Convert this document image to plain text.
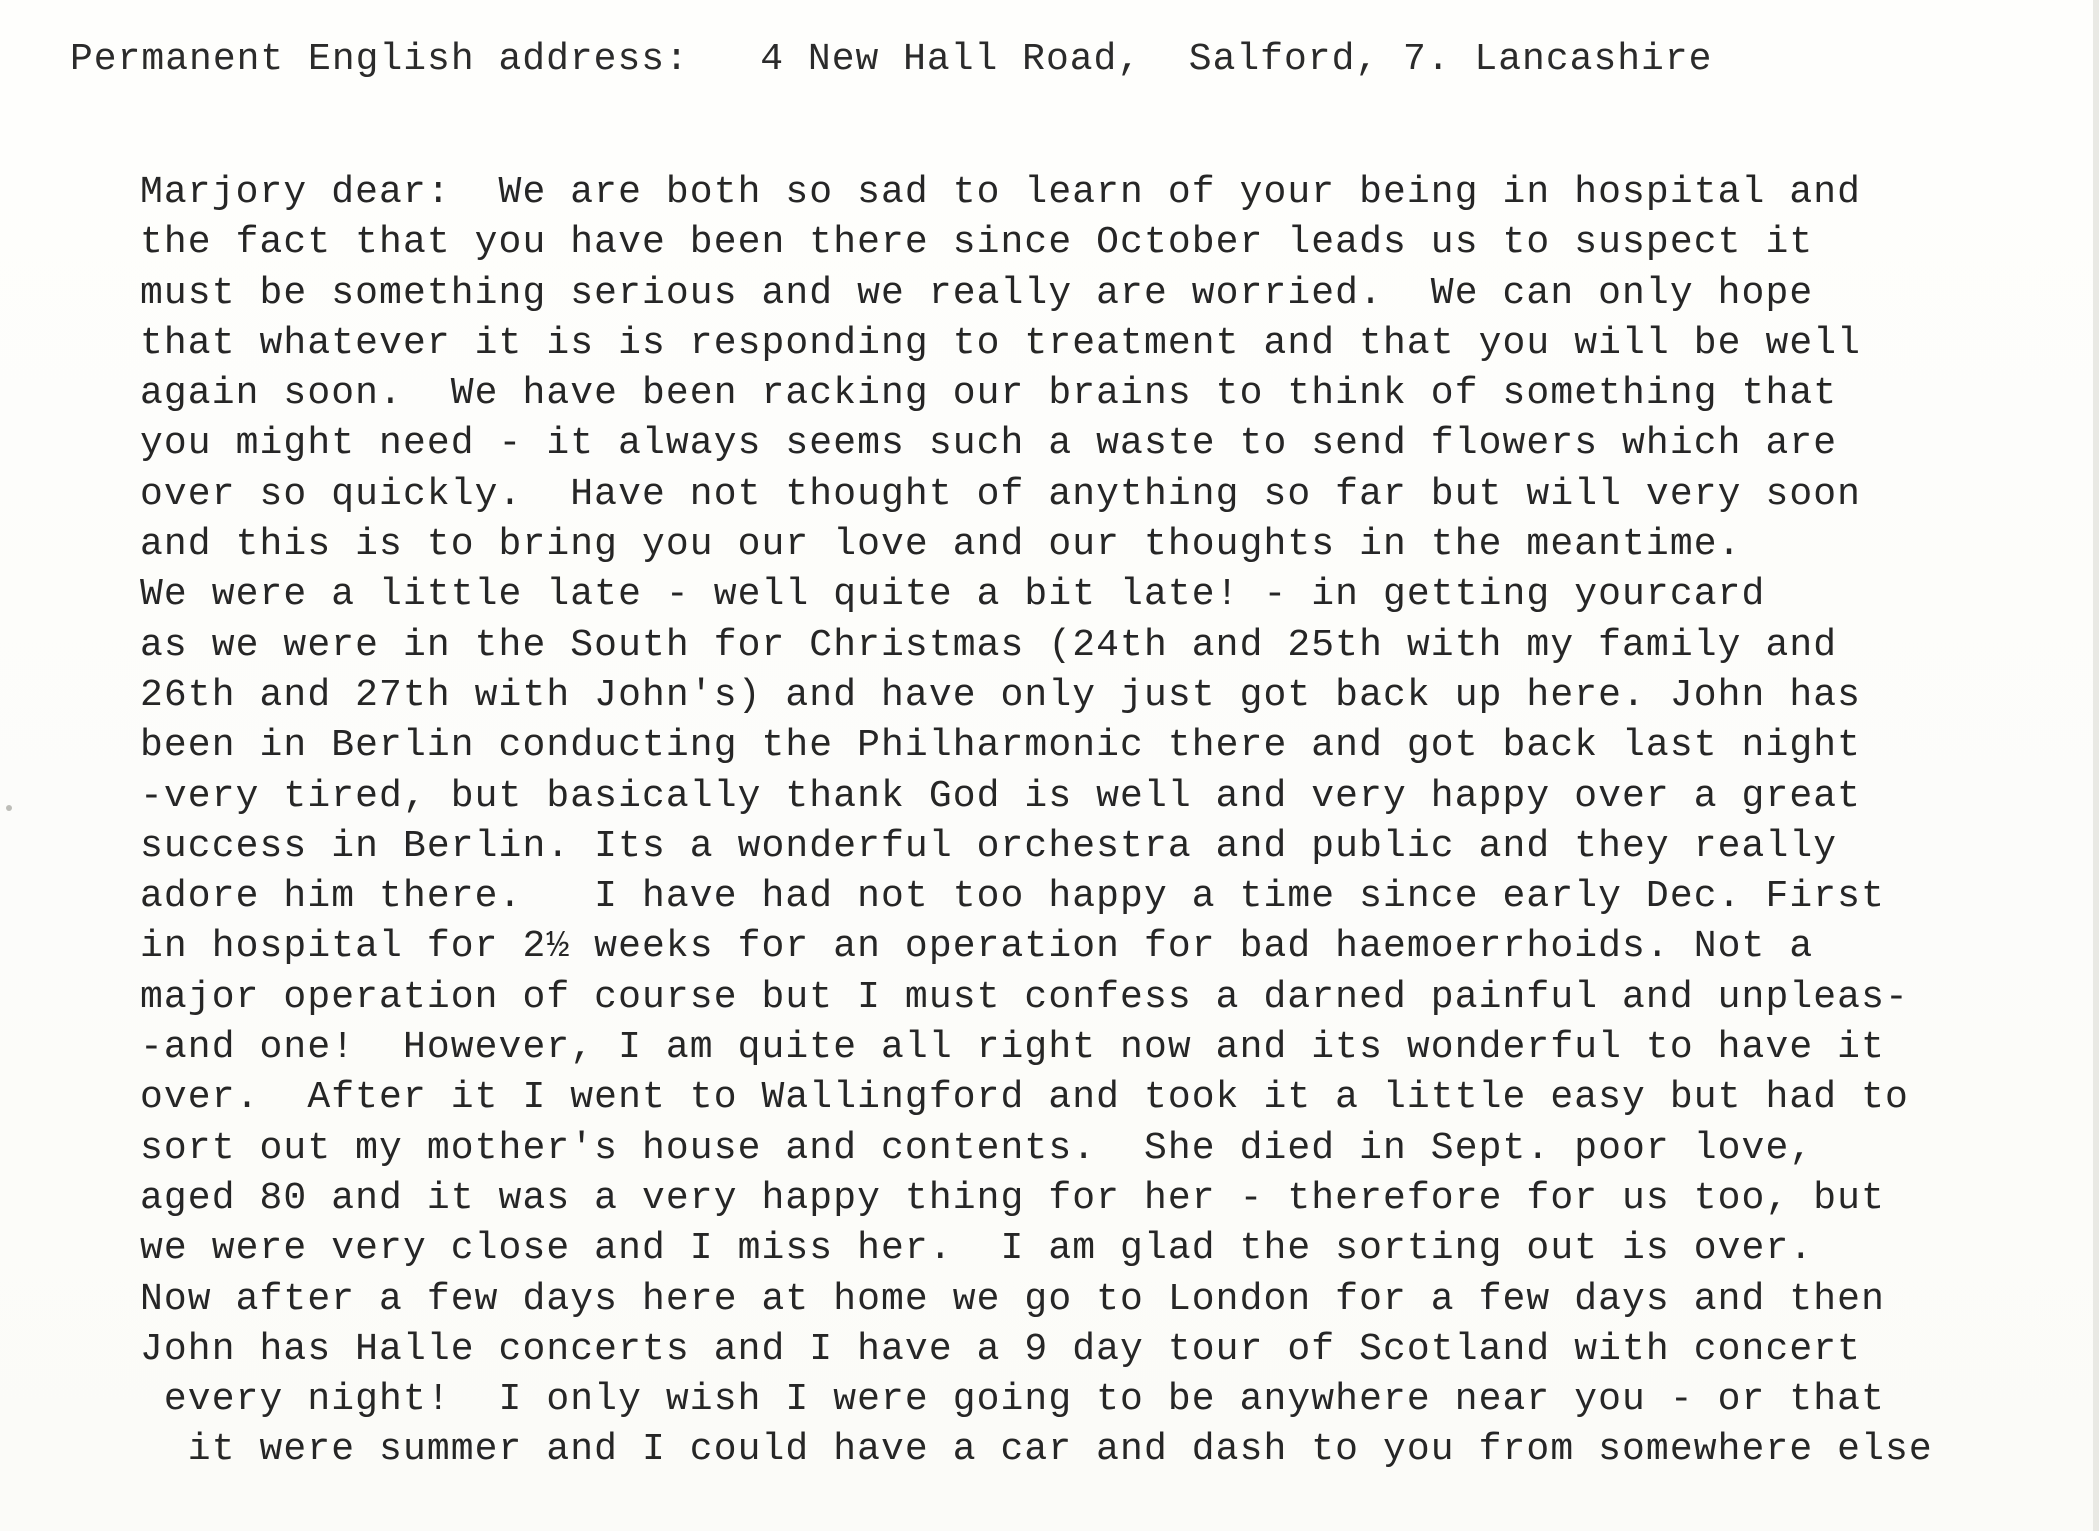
Permanent English address:   4 New Hall Road,  Salford, 7. Lancashire
Marjory dear:  We are both so sad to learn of your being in hospital and
the fact that you have been there since October leads us to suspect it
must be something serious and we really are worried.  We can only hope
that whatever it is is responding to treatment and that you will be well
again soon.  We have been racking our brains to think of something that
you might need - it always seems such a waste to send flowers which are
over so quickly.  Have not thought of anything so far but will very soon
and this is to bring you our love and our thoughts in the meantime.
We were a little late - well quite a bit late! - in getting yourcard
as we were in the South for Christmas (24th and 25th with my family and
26th and 27th with John's) and have only just got back up here. John has
been in Berlin conducting the Philharmonic there and got back last night
-very tired, but basically thank God is well and very happy over a great
success in Berlin. Its a wonderful orchestra and public and they really
adore him there.   I have had not too happy a time since early Dec. First
in hospital for 2½ weeks for an operation for bad haemoerrhoids. Not a
major operation of course but I must confess a darned painful and unpleas-
-and one!  However, I am quite all right now and its wonderful to have it
over.  After it I went to Wallingford and took it a little easy but had to
sort out my mother's house and contents.  She died in Sept. poor love,
aged 80 and it was a very happy thing for her - therefore for us too, but
we were very close and I miss her.  I am glad the sorting out is over.
Now after a few days here at home we go to London for a few days and then
John has Halle concerts and I have a 9 day tour of Scotland with concert
every night!  I only wish I were going to be anywhere near you - or that
it were summer and I could have a car and dash to you from somewhere else
